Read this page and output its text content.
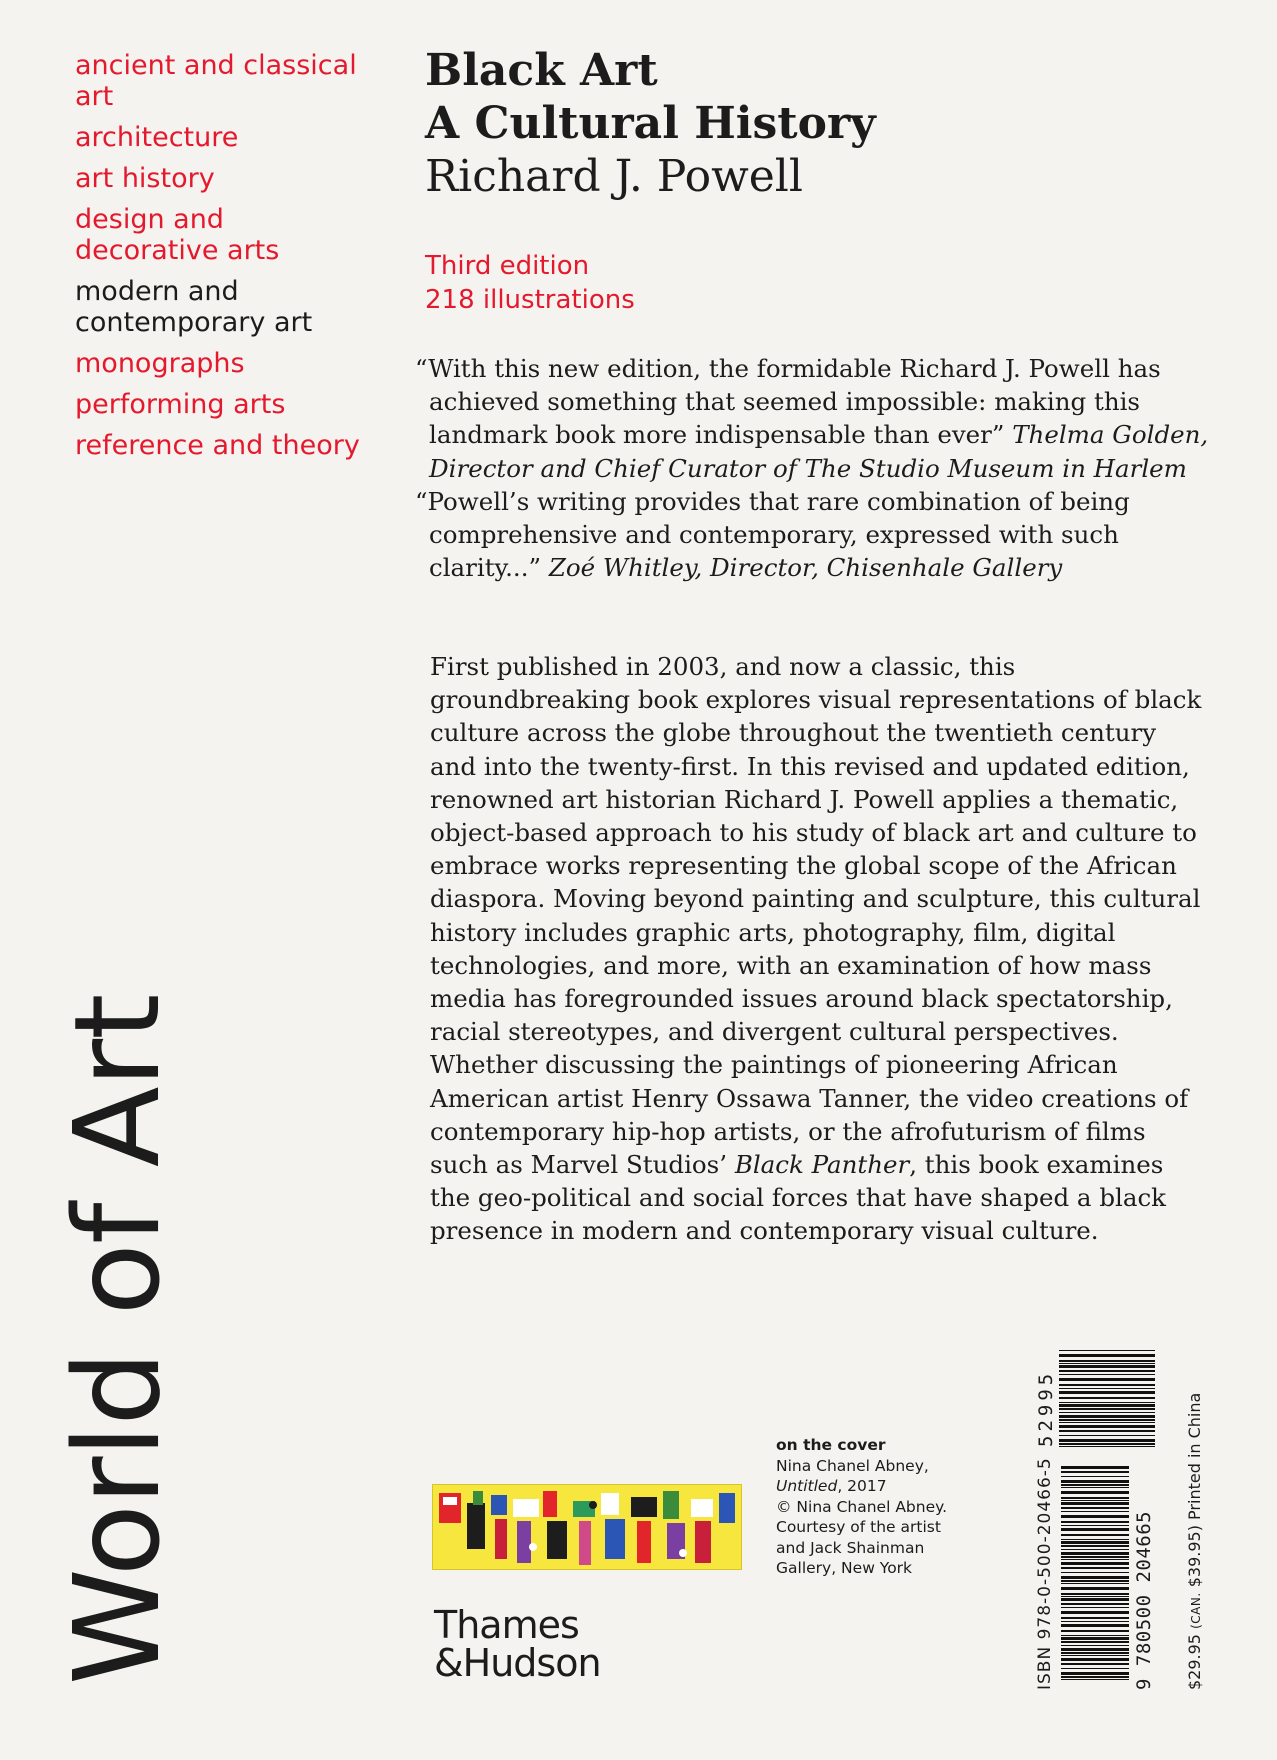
ancient and classical art
architecture
art history
design and decorative arts
modern and contemporary art
monographs
performing arts
reference and theory
World of Art
Black Art
A Cultural History
Richard J. Powell
Third edition
218 illustrations
“With this new edition, the formidable Richard J. Powell has achieved something that seemed impossible: making this landmark book more indispensable than ever” Thelma Golden, Director and Chief Curator of The Studio Museum in Harlem
“Powell’s writing provides that rare combination of being comprehensive and contemporary, expressed with such clarity...” Zoé Whitley, Director, Chisenhale Gallery

First published in 2003, and now a classic, this groundbreaking book explores visual representations of black culture across the globe throughout the twentieth century and into the twenty-first. In this revised and updated edition, renowned art historian Richard J. Powell applies a thematic, object-based approach to his study of black art and culture to embrace works representing the global scope of the African diaspora. Moving beyond painting and sculpture, this cultural history includes graphic arts, photography, film, digital technologies, and more, with an examination of how mass media has foregrounded issues around black spectatorship, racial stereotypes, and divergent cultural perspectives. Whether discussing the paintings of pioneering African American artist Henry Ossawa Tanner, the video creations of contemporary hip-hop artists, or the afrofuturism of films such as Marvel Studios’ Black Panther, this book examines the geo-political and social forces that have shaped a black presence in modern and contemporary visual culture.

on the cover
Nina Chanel Abney,
Untitled, 2017
© Nina Chanel Abney.
Courtesy of the artist
and Jack Shainman
Gallery, New York
Thames
&Hudson	ISBN 978-0-500-20466-5	9 780500 204665
52995
$29.95 (CAN. $39.95) Printed in China
